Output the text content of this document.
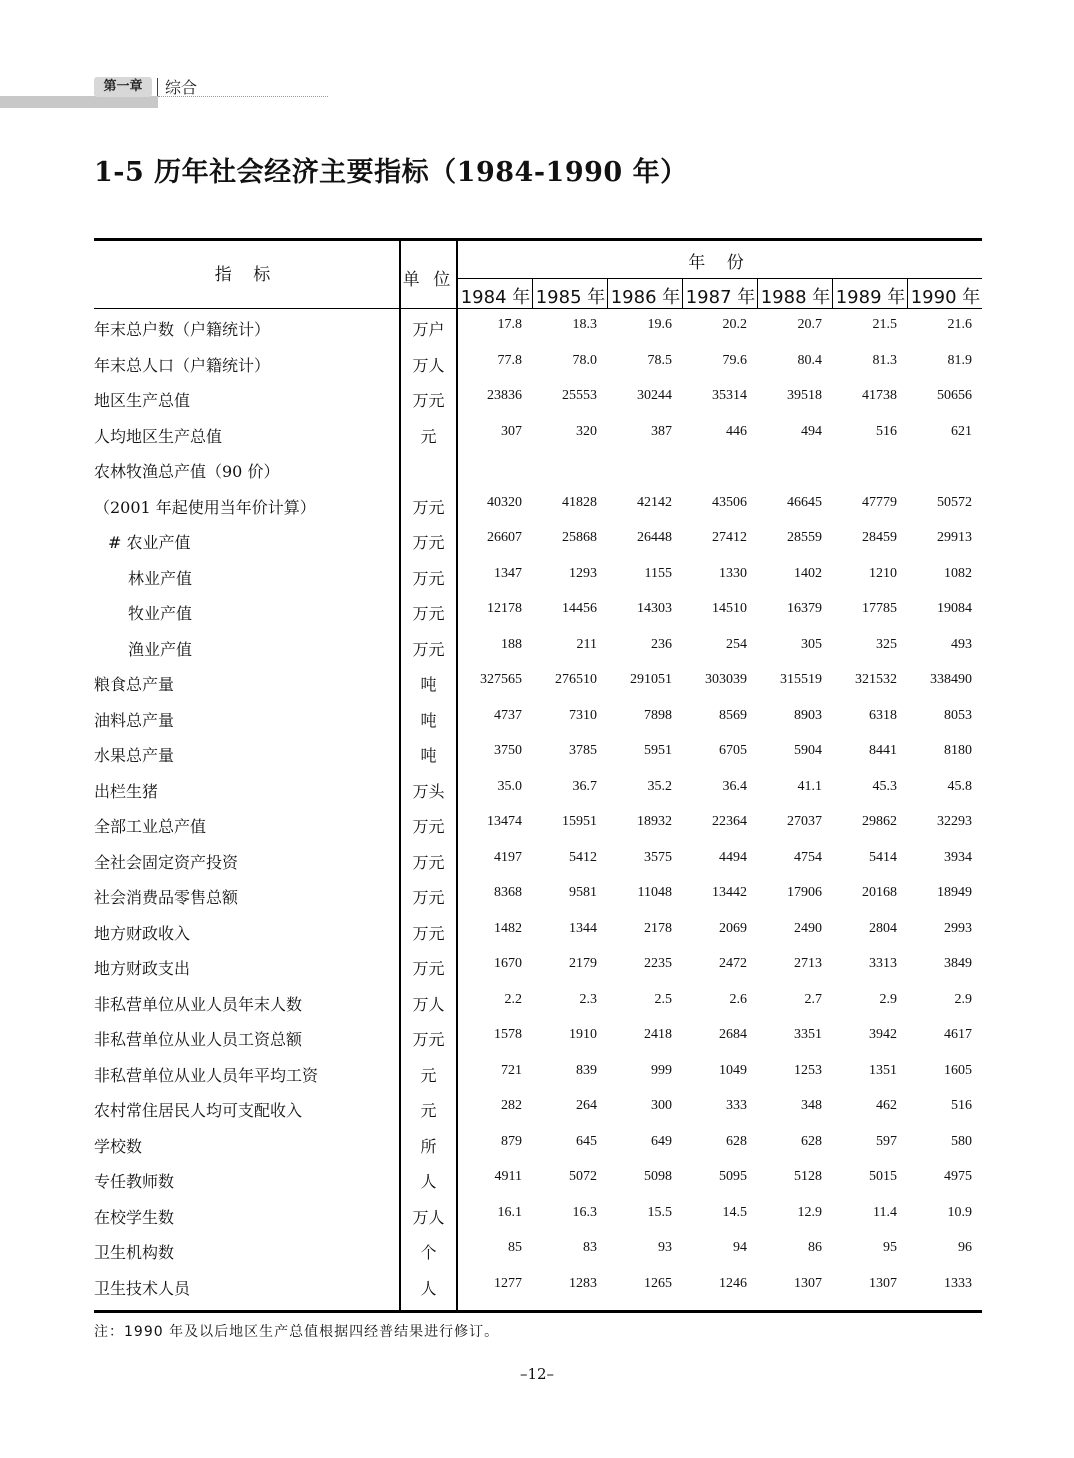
第一章	综合
1-5 历年社会经济主要指标（1984-1990 年）
指 标	单 位
年 份
1984 年 1985 年 1986 年 1987 年 1988 年 1989 年 1990 年
年末总户数（户籍统计）	万户	17.8	18.3	19.6	20.2	20.7	21.5	21.6
年末总人口（户籍统计）	万人	77.8	78.0	78.5	79.6	80.4	81.3	81.9
地区生产总值	万元	23836	25553	30244	35314	39518	41738	50656
人均地区生产总值	元	307	320	387	446	494	516	621
农林牧渔总产值（90 价）
（2001 年起使用当年价计算）	万元	40320	41828	42142	43506	46645	47779	50572
# 农业产值	万元	26607	25868	26448	27412	28559	28459	29913
林业产值	万元	1347	1293	1155	1330	1402	1210	1082
牧业产值	万元	12178	14456	14303	14510	16379	17785	19084
渔业产值	万元	188	211	236	254	305	325	493
粮食总产量	吨	327565	276510	291051	303039	315519	321532	338490
油料总产量	吨	4737	7310	7898	8569	8903	6318	8053
水果总产量	吨	3750	3785	5951	6705	5904	8441	8180
出栏生猪	万头	35.0	36.7	35.2	36.4	41.1	45.3	45.8
全部工业总产值	万元	13474	15951	18932	22364	27037	29862	32293
全社会固定资产投资	万元	4197	5412	3575	4494	4754	5414	3934
社会消费品零售总额	万元	8368	9581	11048	13442	17906	20168	18949
地方财政收入	万元	1482	1344	2178	2069	2490	2804	2993
地方财政支出	万元	1670	2179	2235	2472	2713	3313	3849
非私营单位从业人员年末人数	万人	2.2	2.3	2.5	2.6	2.7	2.9	2.9
非私营单位从业人员工资总额	万元	1578	1910	2418	2684	3351	3942	4617
非私营单位从业人员年平均工资	元	721	839	999	1049	1253	1351	1605
农村常住居民人均可支配收入	元	282	264	300	333	348	462	516
学校数	所	879	645	649	628	628	597	580
专任教师数	人	4911	5072	5098	5095	5128	5015	4975
在校学生数	万人	16.1	16.3	15.5	14.5	12.9	11.4	10.9
卫生机构数	个	85	83	93	94	86	95	96
卫生技术人员	人	1277	1283	1265	1246	1307	1307	1333
注：1990 年及以后地区生产总值根据四经普结果进行修订。
–12–
